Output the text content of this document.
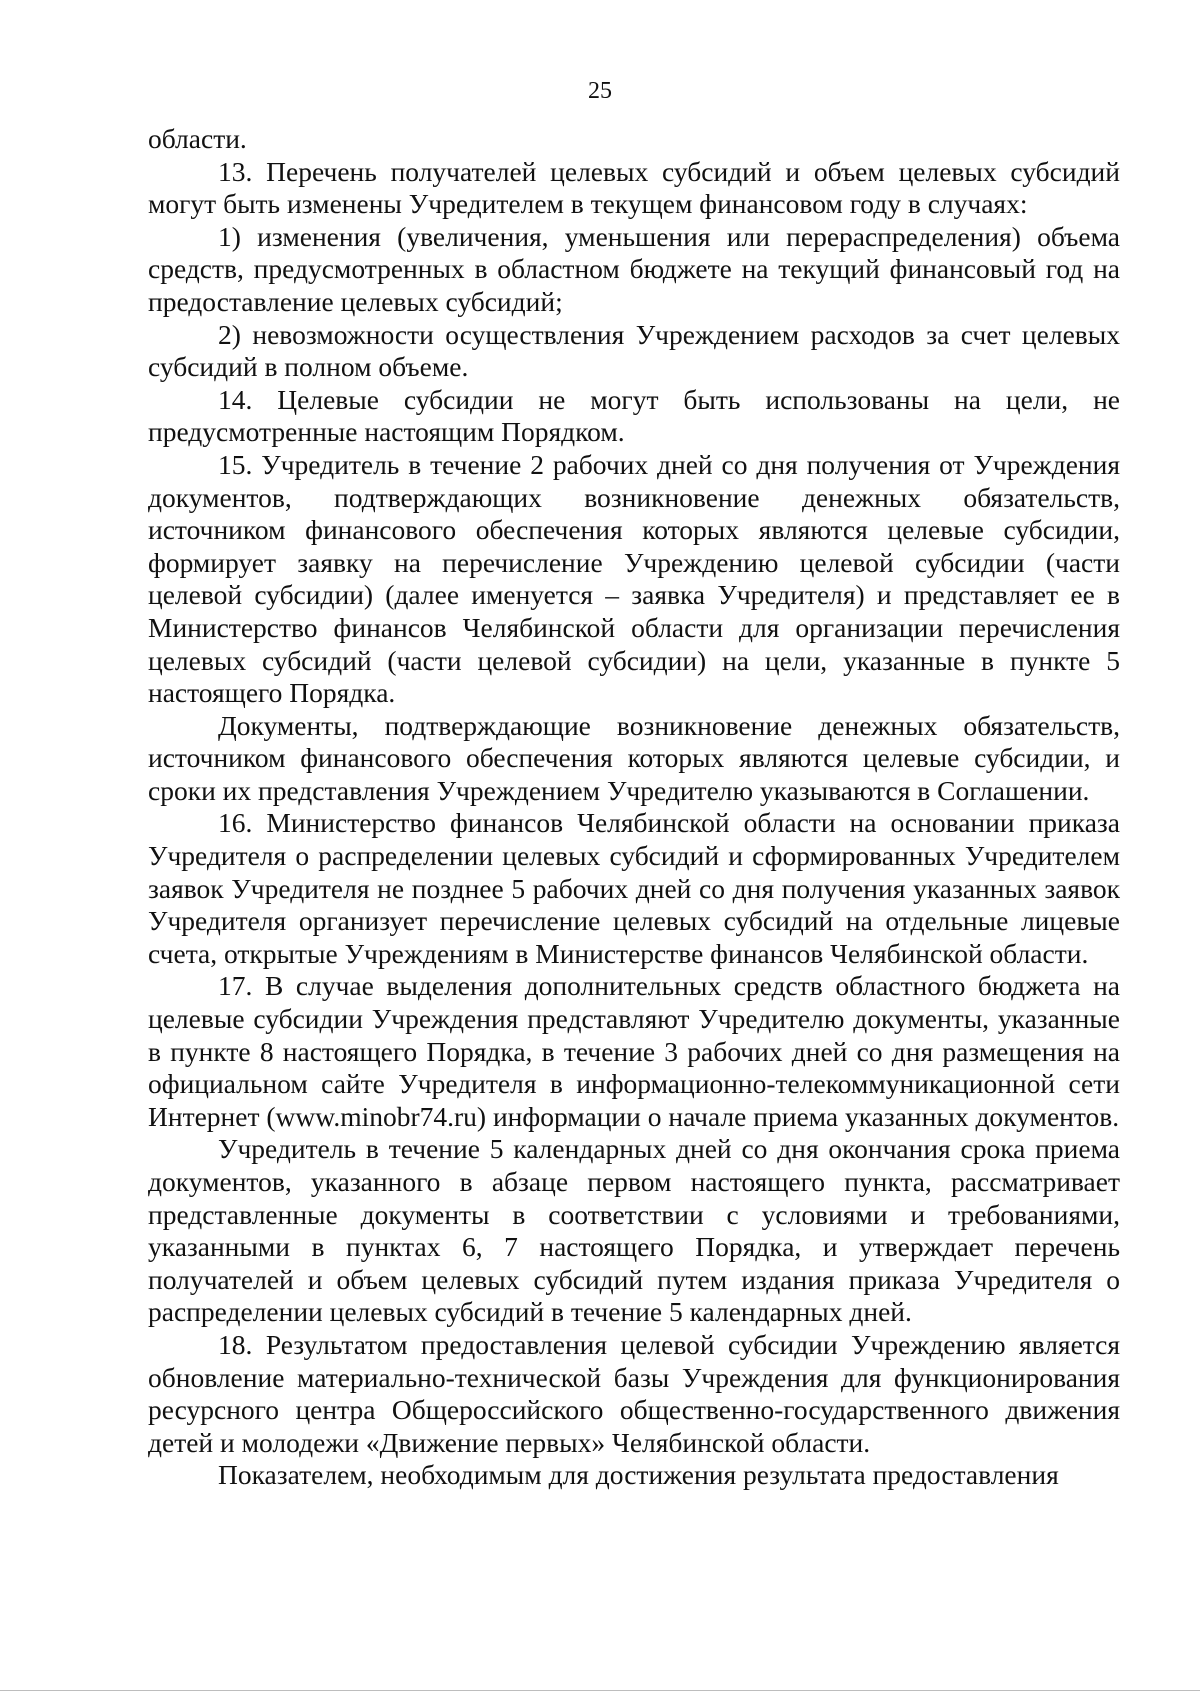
25

области.

13. Перечень получателей целевых субсидий и объем целевых субсидий могут быть изменены Учредителем в текущем финансовом году в случаях:

1) изменения (увеличения, уменьшения или перераспределения) объема средств, предусмотренных в областном бюджете на текущий финансовый год на предоставление целевых субсидий;

2) невозможности осуществления Учреждением расходов за счет целевых субсидий в полном объеме.

14. Целевые субсидии не могут быть использованы на цели, не предусмотренные настоящим Порядком.

15. Учредитель в течение 2 рабочих дней со дня получения от Учреждения документов, подтверждающих возникновение денежных обязательств, источником финансового обеспечения которых являются целевые субсидии, формирует заявку на перечисление Учреждению целевой субсидии (части целевой субсидии) (далее именуется – заявка Учредителя) и представляет ее в Министерство финансов Челябинской области для организации перечисления целевых субсидий (части целевой субсидии) на цели, указанные в пункте 5 настоящего Порядка.

Документы, подтверждающие возникновение денежных обязательств, источником финансового обеспечения которых являются целевые субсидии, и сроки их представления Учреждением Учредителю указываются в Соглашении.

16. Министерство финансов Челябинской области на основании приказа Учредителя о распределении целевых субсидий и сформированных Учредителем заявок Учредителя не позднее 5 рабочих дней со дня получения указанных заявок Учредителя организует перечисление целевых субсидий на отдельные лицевые счета, открытые Учреждениям в Министерстве финансов Челябинской области.

17. В случае выделения дополнительных средств областного бюджета на целевые субсидии Учреждения представляют Учредителю документы, указанные в пункте 8 настоящего Порядка, в течение 3 рабочих дней со дня размещения на официальном сайте Учредителя в информационно-телекоммуникационной сети Интернет (www.minobr74.ru) информации о начале приема указанных документов.

Учредитель в течение 5 календарных дней со дня окончания срока приема документов, указанного в абзаце первом настоящего пункта, рассматривает представленные документы в соответствии с условиями и требованиями, указанными в пунктах 6, 7 настоящего Порядка, и утверждает перечень получателей и объем целевых субсидий путем издания приказа Учредителя о распределении целевых субсидий в течение 5 календарных дней.

18. Результатом предоставления целевой субсидии Учреждению является обновление материально-технической базы Учреждения для функционирования ресурсного центра Общероссийского общественно-государственного движения детей и молодежи «Движение первых» Челябинской области.

Показателем, необходимым для достижения результата предоставления
